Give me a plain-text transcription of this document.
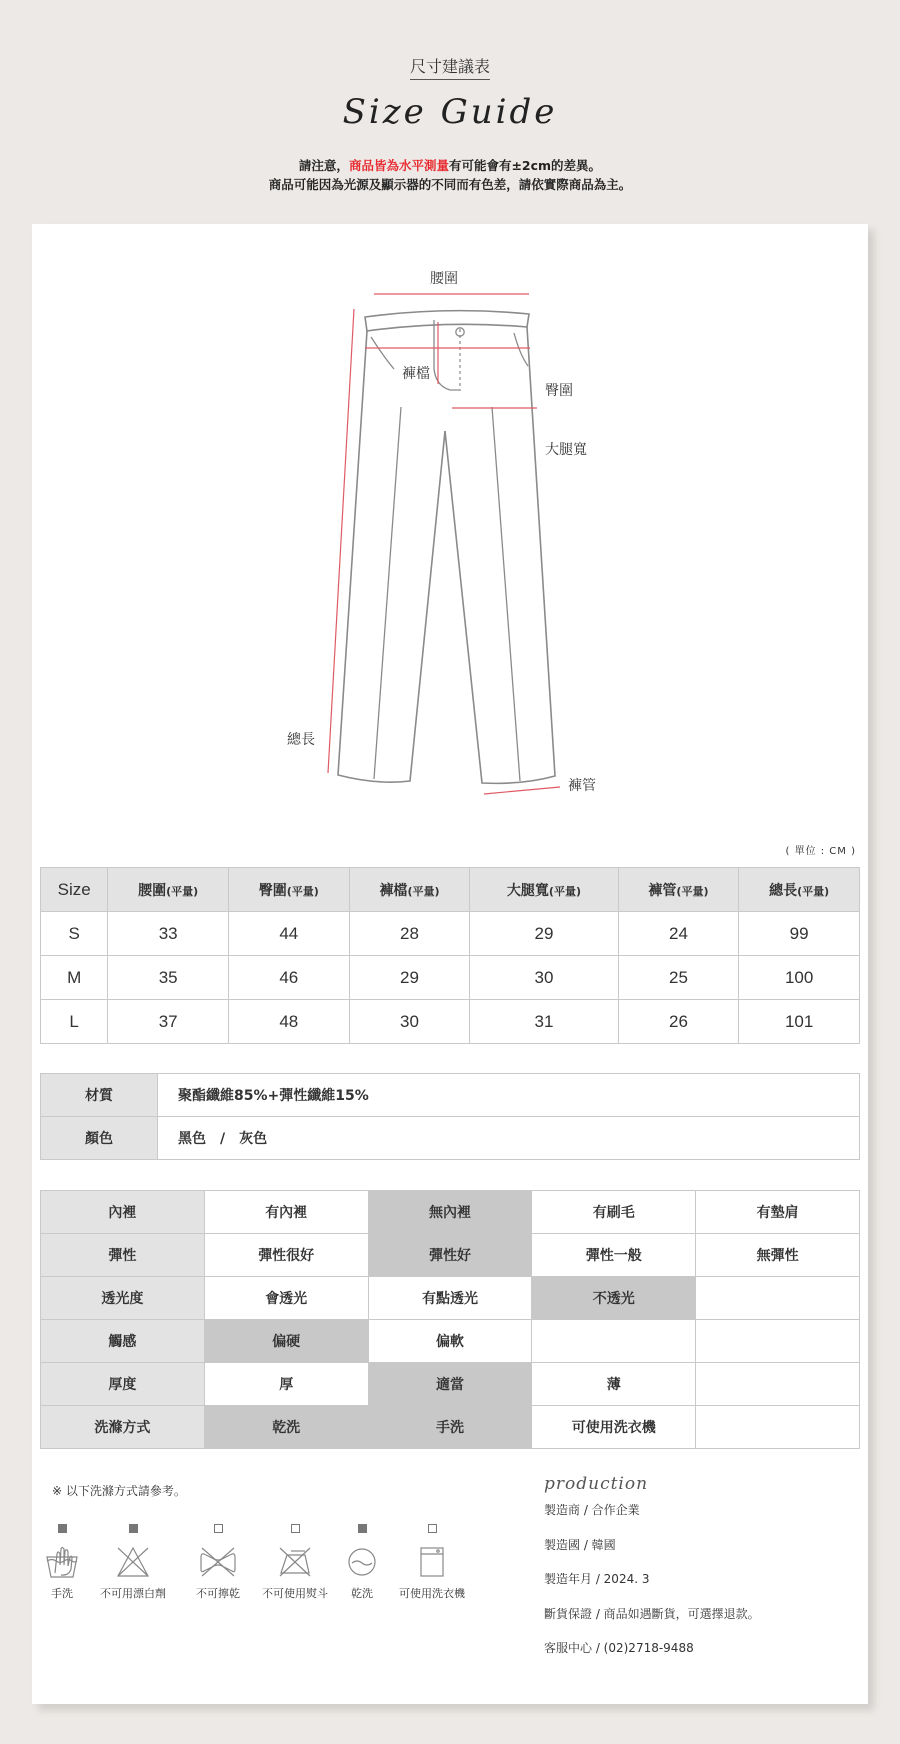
尺寸建議表
Size Guide
請注意，商品皆為水平測量有可能會有±2cm的差異。
商品可能因為光源及顯示器的不同而有色差，請依實際商品為主。
腰圍
褲檔
臀圍
大腿寬
總長
褲管
( 單位 : CM )
Size	腰圍(平量)	臀圍(平量)	褲檔(平量)	大腿寬(平量)	褲管(平量)	總長(平量)
S	33	44	28	29	24	99
M	35	46	29	30	25	100
L	37	48	30	31	26	101
材質	聚酯纖維85%+彈性纖維15%
顏色	黑色　/　灰色
內裡	有內裡	無內裡	有刷毛	有墊肩
彈性	彈性很好	彈性好	彈性一般	無彈性
透光度	會透光	有點透光	不透光	
觸感	偏硬	偏軟		
厚度	厚	適當	薄	
洗滌方式	乾洗	手洗	可使用洗衣機	
※ 以下洗滌方式請參考。
手洗	不可用漂白劑	不可擰乾 不可使用熨斗	乾洗	可使用洗衣機
production
製造商 / 合作企業
製造國 / 韓國
製造年月 / 2024. 3
斷貨保證 / 商品如遇斷貨，可選擇退款。
客服中心 / (02)2718-9488
